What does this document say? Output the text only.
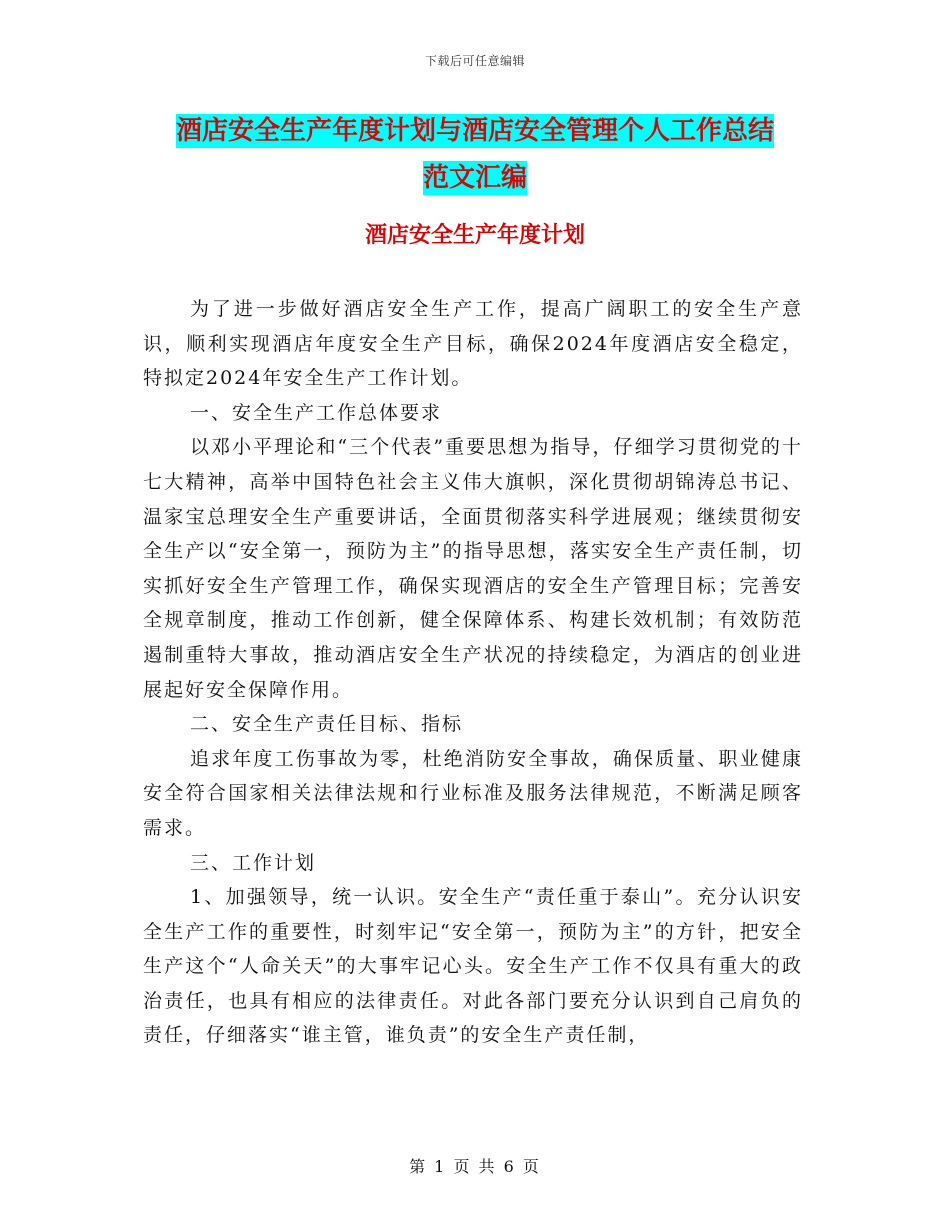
下载后可任意编辑
酒店安全生产年度计划与酒店安全管理个人工作总结
范文汇编
酒店安全生产年度计划

为了进一步做好酒店安全生产工作，提高广阔职工的安全生产意识，顺利实现酒店年度安全生产目标，确保2024年度酒店安全稳定，特拟定2024年安全生产工作计划。

一、安全生产工作总体要求

以邓小平理论和“三个代表”重要思想为指导，仔细学习贯彻党的十七大精神，高举中国特色社会主义伟大旗帜，深化贯彻胡锦涛总书记、温家宝总理安全生产重要讲话，全面贯彻落实科学进展观；继续贯彻安全生产以“安全第一，预防为主”的指导思想，落实安全生产责任制，切实抓好安全生产管理工作，确保实现酒店的安全生产管理目标；完善安全规章制度，推动工作创新，健全保障体系、构建长效机制；有效防范遏制重特大事故，推动酒店安全生产状况的持续稳定，为酒店的创业进展起好安全保障作用。

二、安全生产责任目标、指标

追求年度工伤事故为零，杜绝消防安全事故，确保质量、职业健康安全符合国家相关法律法规和行业标准及服务法律规范，不断满足顾客需求。

三、工作计划

1、加强领导，统一认识。安全生产“责任重于泰山”。充分认识安全生产工作的重要性，时刻牢记“安全第一，预防为主”的方针，把安全生产这个“人命关天”的大事牢记心头。安全生产工作不仅具有重大的政治责任，也具有相应的法律责任。对此各部门要充分认识到自己肩负的责任，仔细落实“谁主管，谁负责”的安全生产责任制，

第 1 页 共 6 页
